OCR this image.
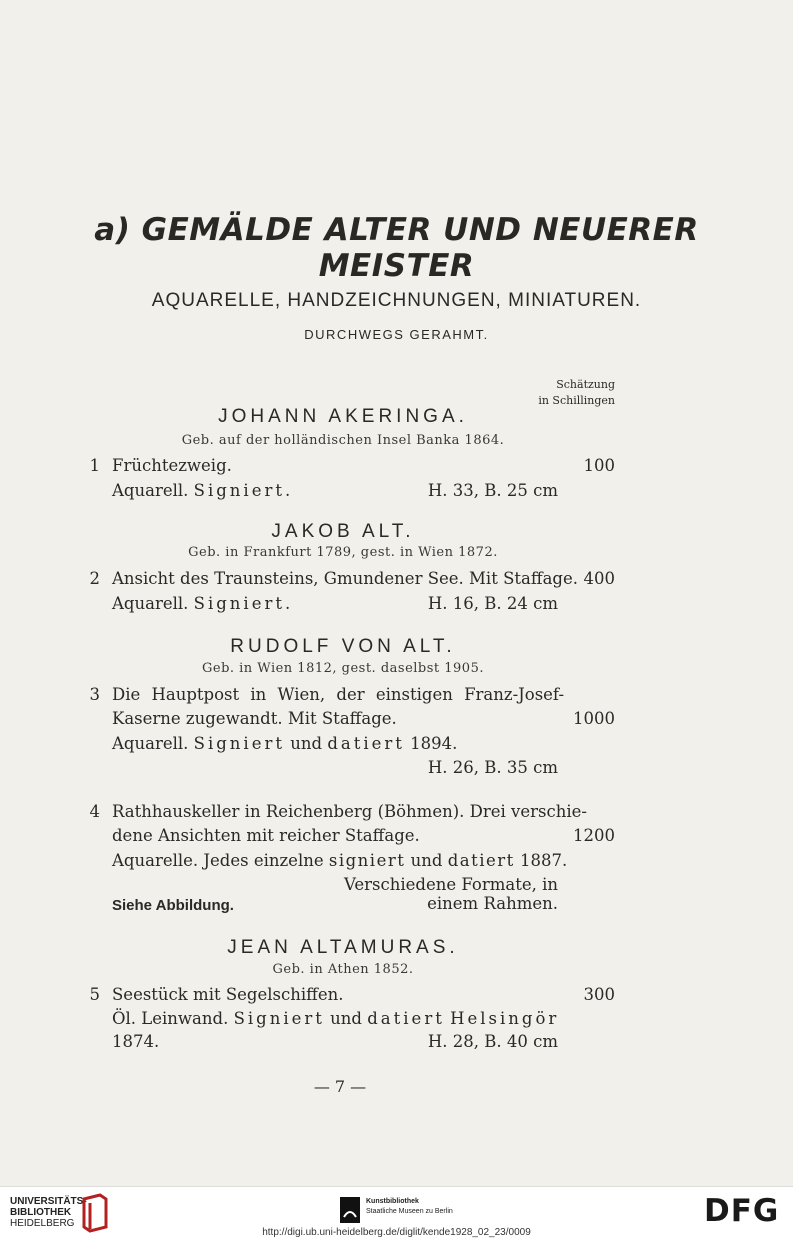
⠀
a) GEMÄLDE ALTER UND NEUERER
MEISTER
AQUARELLE, HANDZEICHNUNGEN, MINIATUREN.
DURCHWEGS GERAHMT.
Schätzung
in Schillingen
JOHANN AKERINGA.
Geb. auf der holländischen Insel Banka 1864.
1 Früchtezweig.	100
Aquarell. Signiert.	H. 33, B. 25 cm
JAKOB ALT.
Geb. in Frankfurt 1789, gest. in Wien 1872.
2 Ansicht des Traunsteins, Gmundener See. Mit Staffage. 400
Aquarell. Signiert.	H. 16, B. 24 cm
RUDOLF VON ALT.
Geb. in Wien 1812, gest. daselbst 1905.
3 Die Hauptpost in Wien, der einstigen Franz-Josef-
Kaserne zugewandt. Mit Staffage.	1000
Aquarell. Signiert und datiert 1894.
H. 26, B. 35 cm
4 Rathhauskeller in Reichenberg (Böhmen). Drei verschie-
dene Ansichten mit reicher Staffage.	1200
Aquarelle. Jedes einzelne signiert und datiert 1887.
Verschiedene Formate, in einem Rahmen.
Siehe Abbildung.
JEAN ALTAMURAS.
Geb. in Athen 1852.
5 Seestück mit Segelschiffen.	300
Öl. Leinwand. Signiert und datiert Helsingör
1874.	H. 28, B. 40 cm
— 7 —
UNIVERSITÄTS-
BIBLIOTHEK
HEIDELBERG
Kunstbibliothek
Staatliche Museen zu Berlin	DFG
http://digi.ub.uni-heidelberg.de/diglit/kende1928_02_23/0009
